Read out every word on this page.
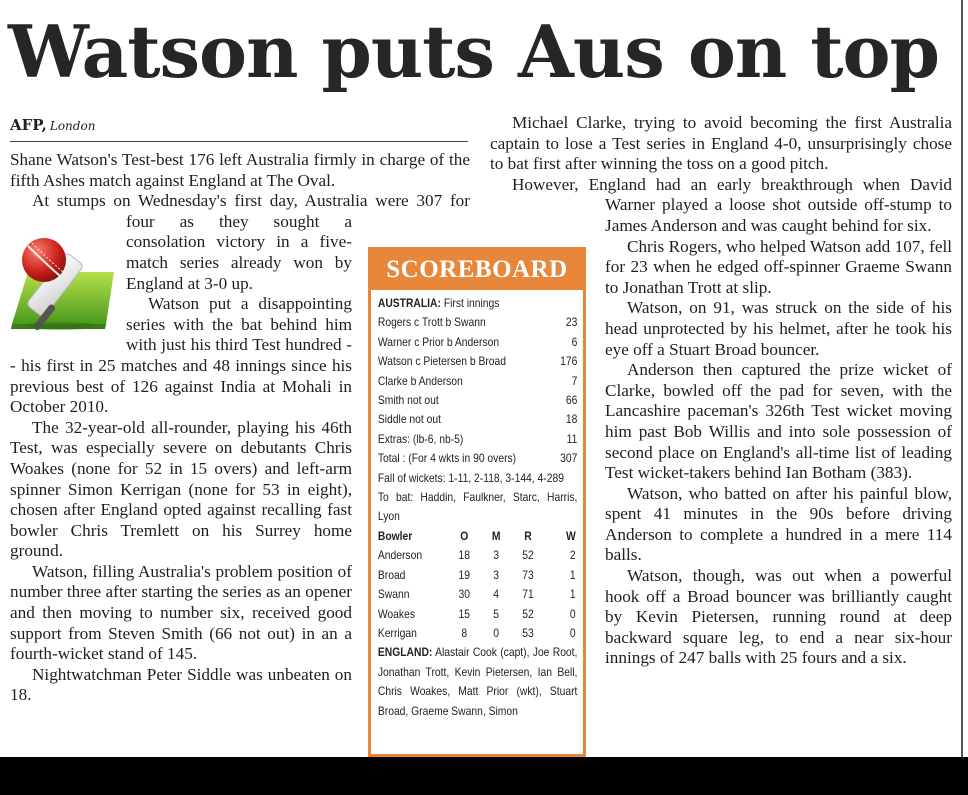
Watson puts Aus on top
AFP, London

Shane Watson's Test-best 176 left Australia firmly in charge of the fifth Ashes match against England at The Oval.

At stumps on Wednesday's first day, Australia were 307 for four as they sought a consolation victory in a five-match series already won by England at 3-0 up.

Watson put a disappointing series with the bat behind him with just his third Test hundred -- his first in 25 matches and 48 innings since his previous best of 126 against India at Mohali in October 2010.

The 32-year-old all-rounder, playing his 46th Test, was especially severe on debutants Chris Woakes (none for 52 in 15 overs) and left-arm spinner Simon Kerrigan (none for 53 in eight), chosen after England opted against recalling fast bowler Chris Tremlett on his Surrey home ground.

Watson, filling Australia's problem position of number three after starting the series as an opener and then moving to number six, received good support from Steven Smith (66 not out) in an a fourth-wicket stand of 145.

Nightwatchman Peter Siddle was unbeaten on 18.

Michael Clarke, trying to avoid becoming the first Australia captain to lose a Test series in England 4-0, unsurprisingly chose to bat first after winning the toss on a good pitch.

However, England had an early breakthrough when David Warner played a loose shot outside off-stump to James Anderson and was caught behind for six.

Chris Rogers, who helped Watson add 107, fell for 23 when he edged off-spinner Graeme Swann to Jonathan Trott at slip.

Watson, on 91, was struck on the side of his head unprotected by his helmet, after he took his eye off a Stuart Broad bouncer.

Anderson then captured the prize wicket of Clarke, bowled off the pad for seven, with the Lancashire paceman's 326th Test wicket moving him past Bob Willis and into sole possession of second place on England's all-time list of leading Test wicket-takers behind Ian Botham (383).

Watson, who batted on after his painful blow, spent 41 minutes in the 90s before driving Anderson to complete a hundred in a mere 114 balls.

Watson, though, was out when a powerful hook off a Broad bouncer was brilliantly caught by Kevin Pietersen, running round at deep backward square leg, to end a near six-hour innings of 247 balls with 25 fours and a six.

SCOREBOARD
AUSTRALIA: First innings
Rogers c Trott b Swann	23
Warner c Prior b Anderson	6
Watson c Pietersen b Broad	176
Clarke b Anderson	7
Smith not out	66
Siddle not out	18
Extras: (lb-6, nb-5)	11
Total : (For 4 wkts in 90 overs)	307
Fall of wickets: 1-11, 2-118, 3-144, 4-289
To bat: Haddin, Faulkner, Starc, Harris, Lyon
Bowler	O	M	R	W
Anderson	18	3	52	2
Broad	19	3	73	1
Swann	30	4	71	1
Woakes	15	5	52	0
Kerrigan	8	0	53	0
ENGLAND: Alastair Cook (capt), Joe Root, Jonathan Trott, Kevin Pietersen, Ian Bell, Chris Woakes, Matt Prior (wkt), Stuart Broad, Graeme Swann, Simon
